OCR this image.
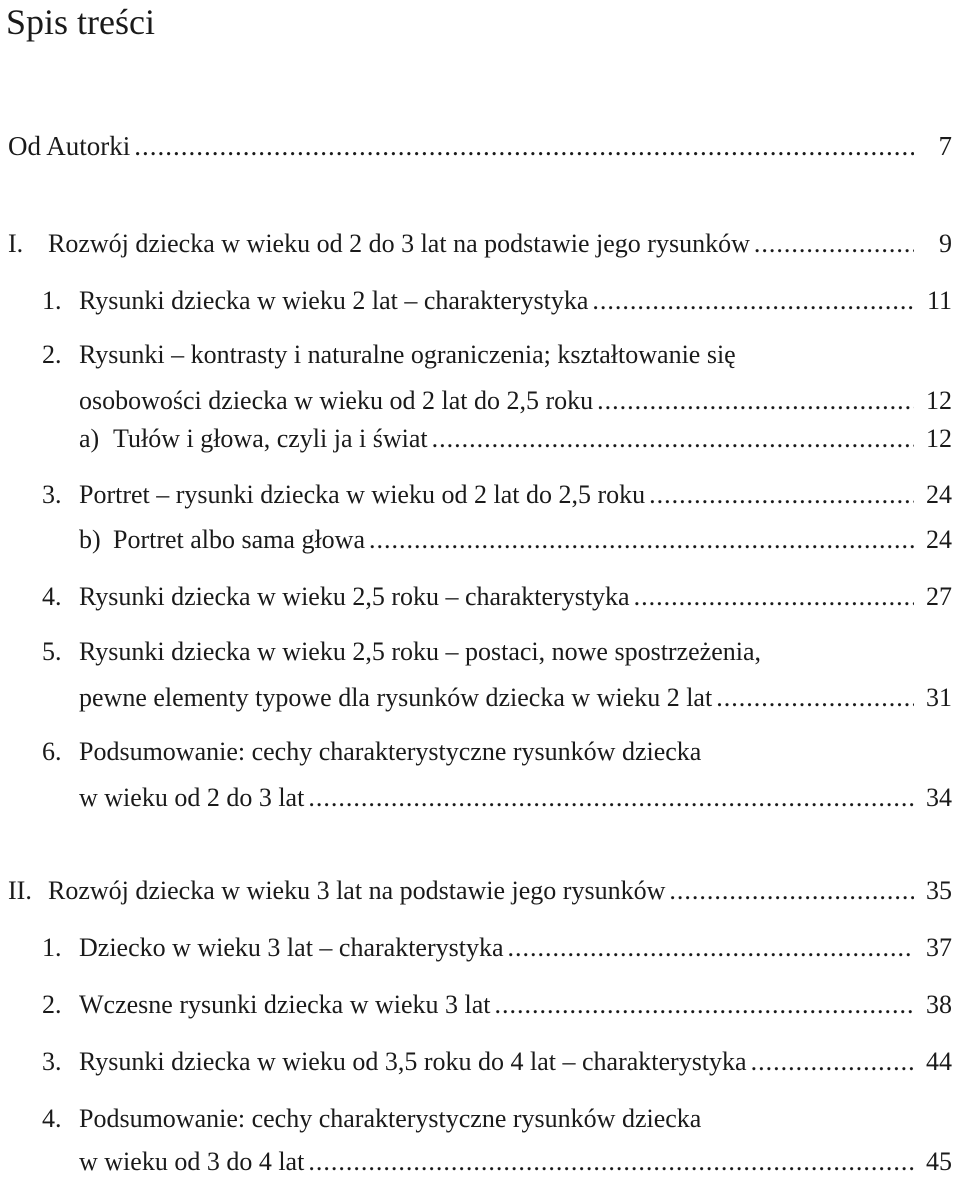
Spis treści
Od Autorki .....	7
I. Rozwój dziecka w wieku od 2 do 3 lat na podstawie jego rysunków .....	9
1. Rysunki dziecka w wieku 2 lat – charakterystyka .....	11
2. Rysunki – kontrasty i naturalne ograniczenia; kształtowanie się
osobowości dziecka w wieku od 2 lat do 2,5 roku .....	12
a) Tułów i głowa, czyli ja i świat .....	12
3. Portret – rysunki dziecka w wieku od 2 lat do 2,5 roku .....	24
b) Portret albo sama głowa .....	24
4. Rysunki dziecka w wieku 2,5 roku – charakterystyka .....	27
5. Rysunki dziecka w wieku 2,5 roku – postaci, nowe spostrzeżenia,
pewne elementy typowe dla rysunków dziecka w wieku 2 lat .....	31
6. Podsumowanie: cechy charakterystyczne rysunków dziecka
w wieku od 2 do 3 lat .....	34
II. Rozwój dziecka w wieku 3 lat na podstawie jego rysunków .....	35
1. Dziecko w wieku 3 lat – charakterystyka .....	37
2. Wczesne rysunki dziecka w wieku 3 lat .....	38
3. Rysunki dziecka w wieku od 3,5 roku do 4 lat – charakterystyka .....	44
4. Podsumowanie: cechy charakterystyczne rysunków dziecka
w wieku od 3 do 4 lat .....	45
